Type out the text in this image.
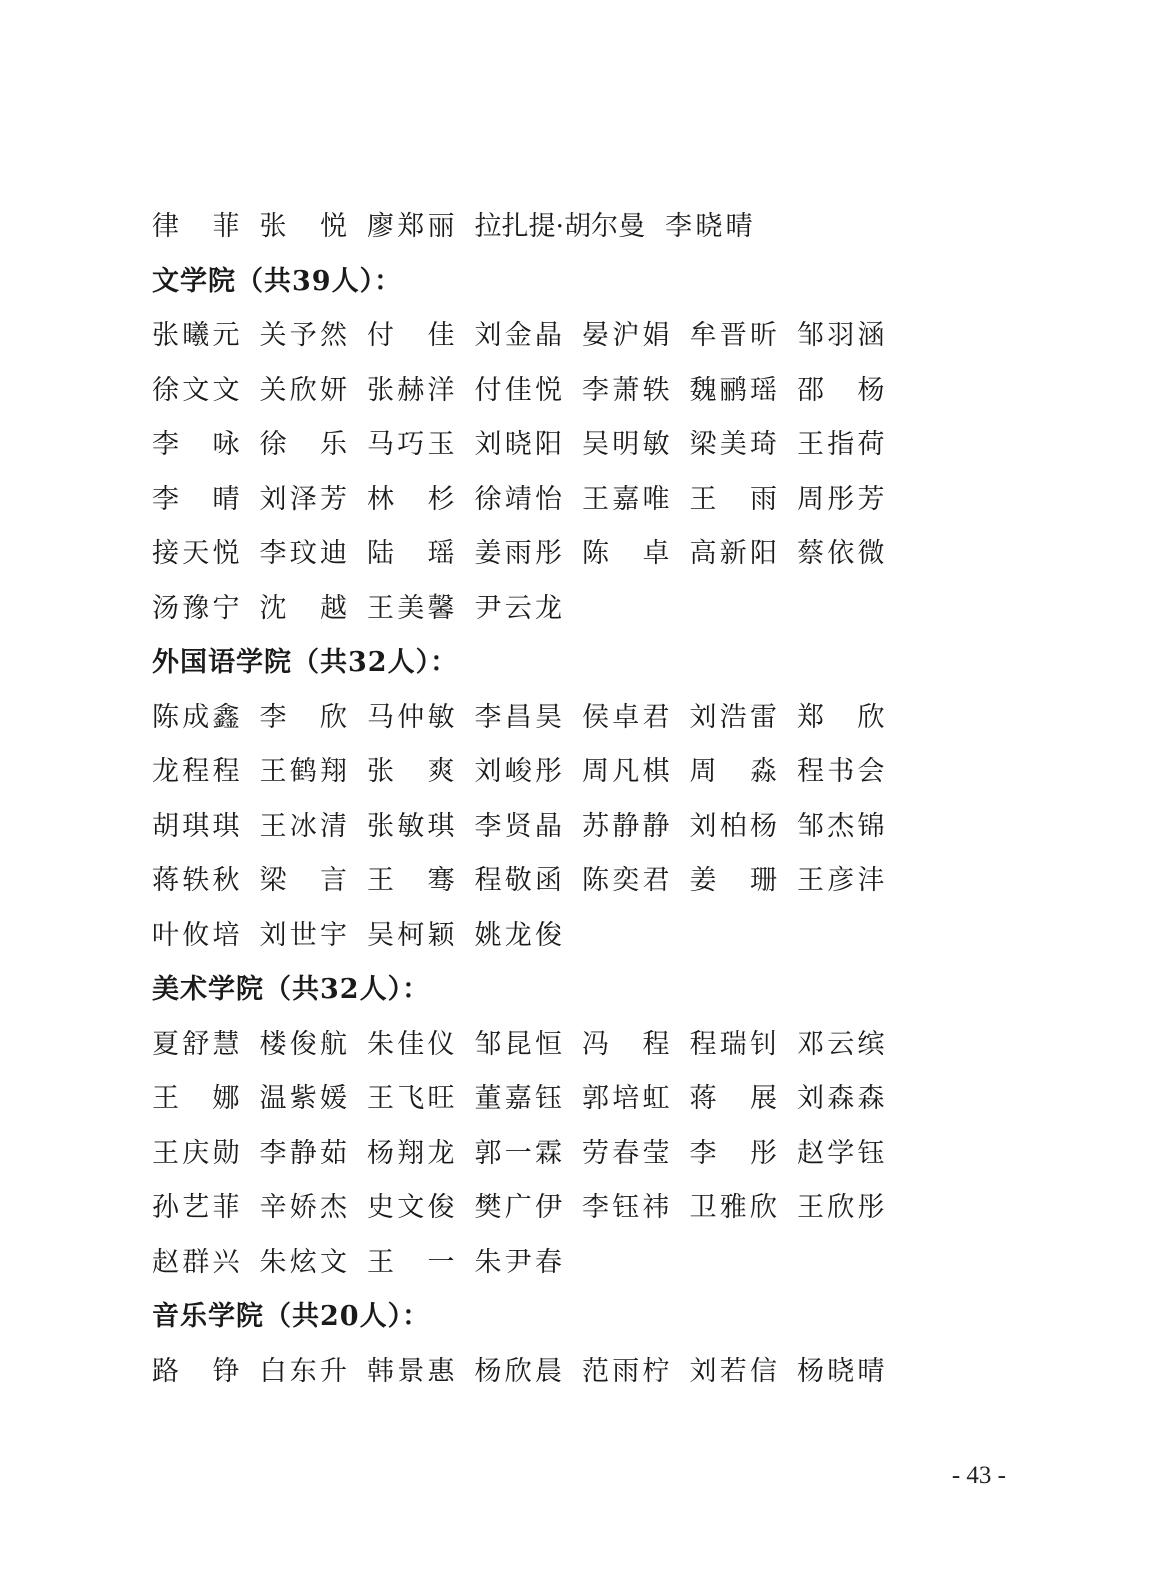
律
菲 张
悦 廖 郑 丽 拉扎提·胡尔曼 李 晓 晴
文学院（共39人）：
张 曦 元 关 予 然 付
佳 刘 金 晶 晏 沪 娟 牟 晋 昕 邹 羽 涵
徐 文 文 关 欣 妍 张 赫 洋 付 佳 悦 李 萧 轶 魏 鹂 瑶 邵
杨
李
咏 徐
乐 马 巧 玉 刘 晓 阳 吴 明 敏 梁 美 琦 王 指 荷
李
晴 刘 泽 芳 林
杉 徐 靖 怡 王 嘉 唯 王
雨 周 彤 芳
接 天 悦 李 玟 迪 陆
瑶 姜 雨 彤 陈
卓 高 新 阳 蔡 依 微
汤 豫 宁 沈
越 王 美 馨 尹 云 龙
外国语学院（共32人）：
陈 成 鑫 李
欣 马 仲 敏 李 昌 昊 侯 卓 君 刘 浩 雷 郑
欣
龙 程 程 王 鹤 翔 张
爽 刘 峻 彤 周 凡 棋 周
淼 程 书 会
胡 琪 琪 王 冰 清 张 敏 琪 李 贤 晶 苏 静 静 刘 柏 杨 邹 杰 锦
蒋 轶 秋 梁
言 王
骞 程 敬 函 陈 奕 君 姜
珊 王 彦 沣
叶 攸 培 刘 世 宇 吴 柯 颖 姚 龙 俊
美术学院（共32人）：
夏 舒 慧 楼 俊 航 朱 佳 仪 邹 昆 恒 冯
程 程 瑞 钊 邓 云 缤
王
娜 温 紫 媛 王 飞 旺 董 嘉 钰 郭 培 虹 蒋
展 刘 森 森
王 庆 勋 李 静 茹 杨 翔 龙 郭 一 霖 劳 春 莹 李
彤 赵 学 钰
孙 艺 菲 辛 娇 杰 史 文 俊 樊 广 伊 李 钰 祎 卫 雅 欣 王 欣 彤
赵 群 兴 朱 炫 文 王
一 朱 尹 春
音乐学院（共20人）：
路
铮 白 东 升 韩 景 惠 杨 欣 晨 范 雨 柠 刘 若 信 杨 晓 晴
- 43 -
